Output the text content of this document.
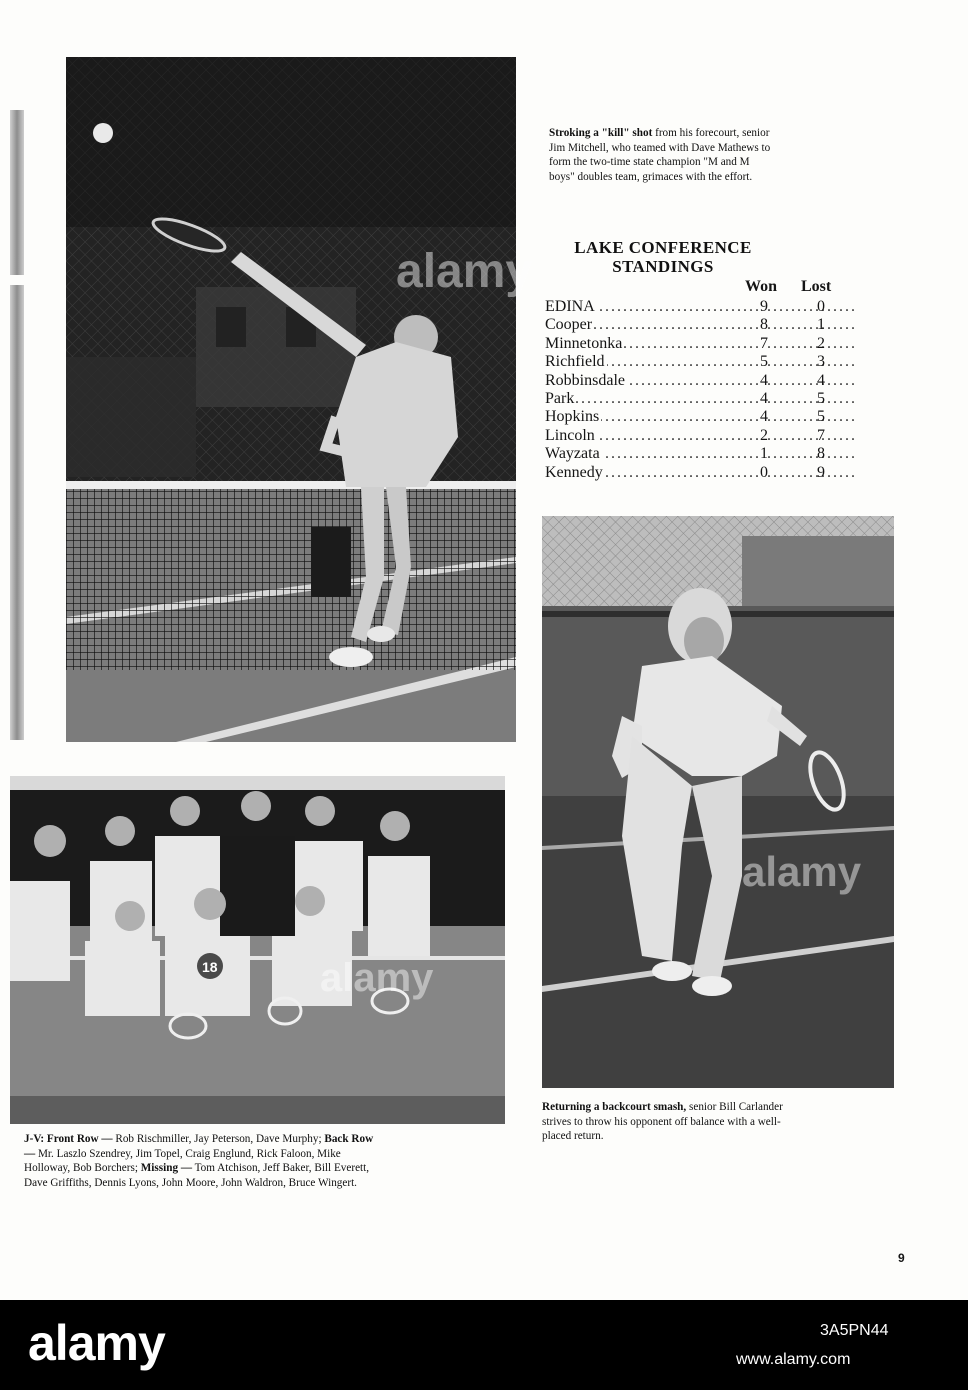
alamy
Stroking a "kill" shot from his forecourt, senior Jim Mitchell, who teamed with Dave Mathews to form the two-time state champion "M and M boys" doubles team, grimaces with the effort.
LAKE CONFERENCE
STANDINGS
Won Lost
EDINA .....	9	0
Cooper .....	8	1
Minnetonka .....	7	2
Richfield .....	5	3
Robbinsdale .....	4	4
Park .....	4	5
Hopkins .....	4	5
Lincoln .....	2	7
Wayzata .....	1	8
Kennedy .....	0	9
alamy
Returning a backcourt smash, senior Bill Carlander strives to throw his opponent off balance with a well-placed return.
18	alamy
J-V: Front Row — Rob Rischmiller, Jay Peterson, Dave Murphy; Back Row — Mr. Laszlo Szendrey, Jim Topel, Craig Englund, Rick Faloon, Mike Holloway, Bob Borchers; Missing — Tom Atchison, Jeff Baker, Bill Everett, Dave Griffiths, Dennis Lyons, John Moore, John Waldron, Bruce Wingert.
9
alamy	3A5PN44
www.alamy.com
